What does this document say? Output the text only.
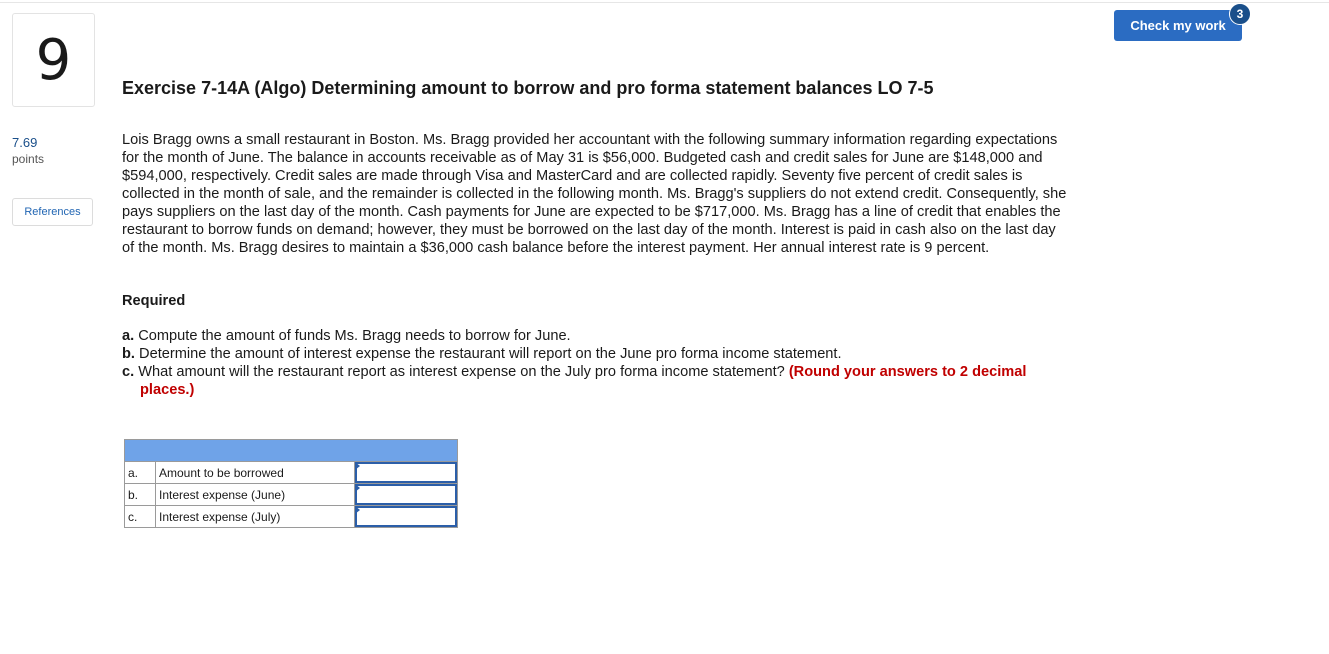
9
7.69
points
References
Check my work
3
Exercise 7-14A (Algo) Determining amount to borrow and pro forma statement balances LO 7-5

Lois Bragg owns a small restaurant in Boston. Ms. Bragg provided her accountant with the following summary information regarding expectations for the month of June. The balance in accounts receivable as of May 31 is $56,000. Budgeted cash and credit sales for June are $148,000 and $594,000, respectively. Credit sales are made through Visa and MasterCard and are collected rapidly. Seventy five percent of credit sales is collected in the month of sale, and the remainder is collected in the following month. Ms. Bragg's suppliers do not extend credit. Consequently, she pays suppliers on the last day of the month. Cash payments for June are expected to be $717,000. Ms. Bragg has a line of credit that enables the restaurant to borrow funds on demand; however, they must be borrowed on the last day of the month. Interest is paid in cash also on the last day of the month. Ms. Bragg desires to maintain a $36,000 cash balance before the interest payment. Her annual interest rate is 9 percent.

Required

a. Compute the amount of funds Ms. Bragg needs to borrow for June.
b. Determine the amount of interest expense the restaurant will report on the June pro forma income statement.
c. What amount will the restaurant report as interest expense on the July pro forma income statement? (Round your answers to 2 decimal places.)

a.	Amount to be borrowed	

b.	Interest expense (June)	

c.	Interest expense (July)	
